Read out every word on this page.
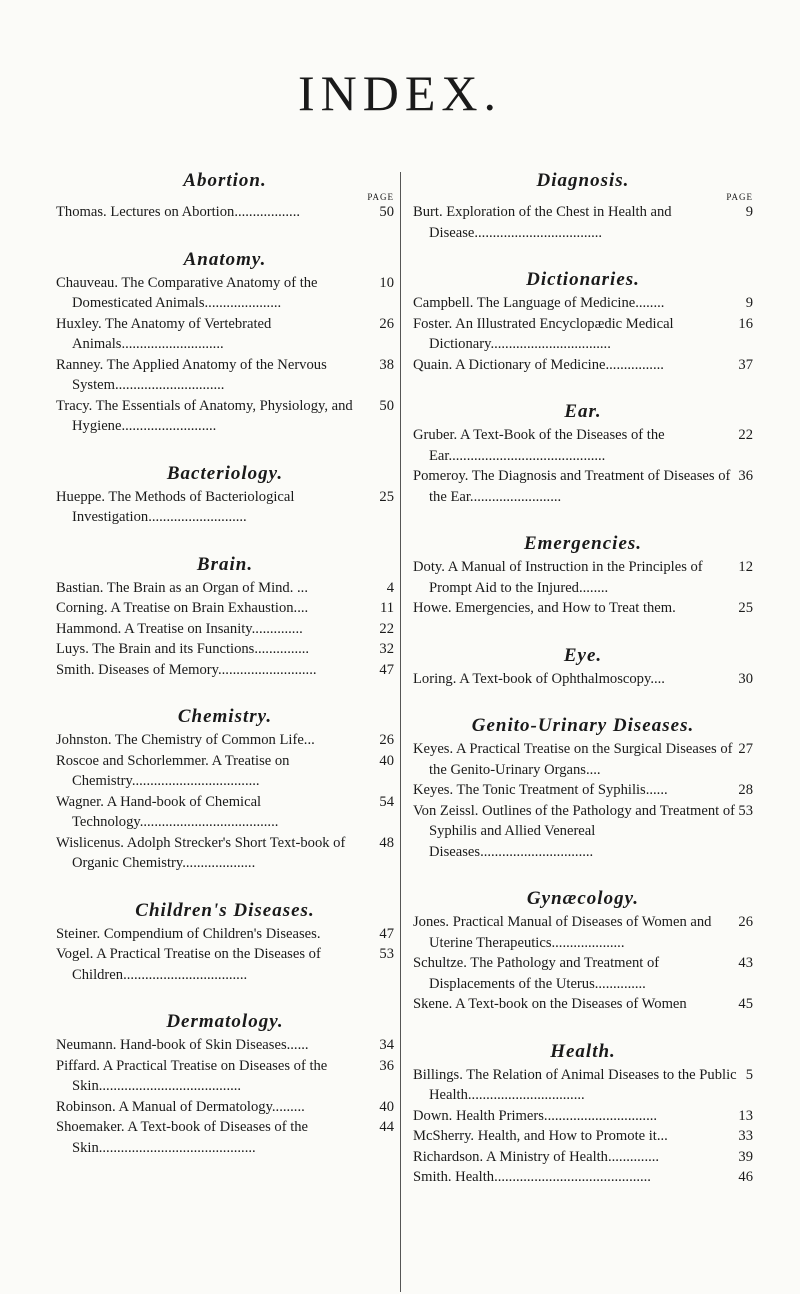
INDEX.
Abortion.
PAGE
50
Thomas. Lectures on Abortion..................
Anatomy.
10
Chauveau. The Comparative Anatomy of the Domesticated Animals.....................
26
Huxley. The Anatomy of Vertebrated Animals............................
38
Ranney. The Applied Anatomy of the Nervous System..............................
50
Tracy. The Essentials of Anatomy, Physiology, and Hygiene..........................
Bacteriology.
25
Hueppe. The Methods of Bacteriological Investigation...........................
Brain.
4
Bastian. The Brain as an Organ of Mind. ...
11
Corning. A Treatise on Brain Exhaustion....
22
Hammond. A Treatise on Insanity..............
32
Luys. The Brain and its Functions...............
47
Smith. Diseases of Memory...........................
Chemistry.
26
Johnston. The Chemistry of Common Life...
40
Roscoe and Schorlemmer. A Treatise on Chemistry...................................
54
Wagner. A Hand-book of Chemical Technology......................................
48
Wislicenus. Adolph Strecker's Short Text-book of Organic Chemistry....................
Children's Diseases.
47
Steiner. Compendium of Children's Diseases.
53
Vogel. A Practical Treatise on the Diseases of Children..................................
Dermatology.
34
Neumann. Hand-book of Skin Diseases......
36
Piffard. A Practical Treatise on Diseases of the Skin.......................................
40
Robinson. A Manual of Dermatology.........
44
Shoemaker. A Text-book of Diseases of the Skin...........................................
Diagnosis.
PAGE
9
Burt. Exploration of the Chest in Health and Disease...................................
Dictionaries.
9
Campbell. The Language of Medicine........
16
Foster. An Illustrated Encyclopædic Medical Dictionary.................................
37
Quain. A Dictionary of Medicine................
Ear.
22
Gruber. A Text-Book of the Diseases of the Ear...........................................
36
Pomeroy. The Diagnosis and Treatment of Diseases of the Ear.........................
Emergencies.
12
Doty. A Manual of Instruction in the Principles of Prompt Aid to the Injured........
25
Howe. Emergencies, and How to Treat them.
Eye.
30
Loring. A Text-book of Ophthalmoscopy....
Genito-Urinary Diseases.
27
Keyes. A Practical Treatise on the Surgical Diseases of the Genito-Urinary Organs....
28
Keyes. The Tonic Treatment of Syphilis......
53
Von Zeissl. Outlines of the Pathology and Treatment of Syphilis and Allied Venereal Diseases...............................
Gynæcology.
26
Jones. Practical Manual of Diseases of Women and Uterine Therapeutics....................
43
Schultze. The Pathology and Treatment of Displacements of the Uterus..............
45
Skene. A Text-book on the Diseases of Women
Health.
5
Billings. The Relation of Animal Diseases to the Public Health................................
13
Down. Health Primers...............................
33
McSherry. Health, and How to Promote it...
39
Richardson. A Ministry of Health..............
46
Smith. Health...........................................
